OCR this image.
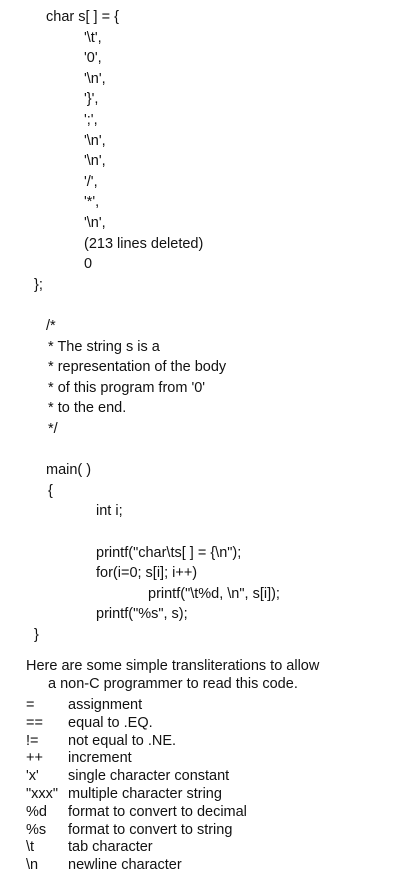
char s[ ] = {
'\t',
'0',
'\n',
'}',
';',
'\n',
'\n',
'/',
'*',
'\n',
(213 lines deleted)
0
};
/*
* The string s is a
* representation of the body
* of this program from '0'
* to the end.
*/
main( )
{
int i;
printf("char\ts[ ] = {\n");
for(i=0; s[i]; i++)
printf("\t%d, \n", s[i]);
printf("%s", s);
}
Here are some simple transliterations to allow
a non-C programmer to read this code.
= assignment
== equal to .EQ.
!= not equal to .NE.
++ increment
'x' single character constant
"xxx" multiple character string
%d format to convert to decimal
%s format to convert to string
\t tab character
\n newline character
